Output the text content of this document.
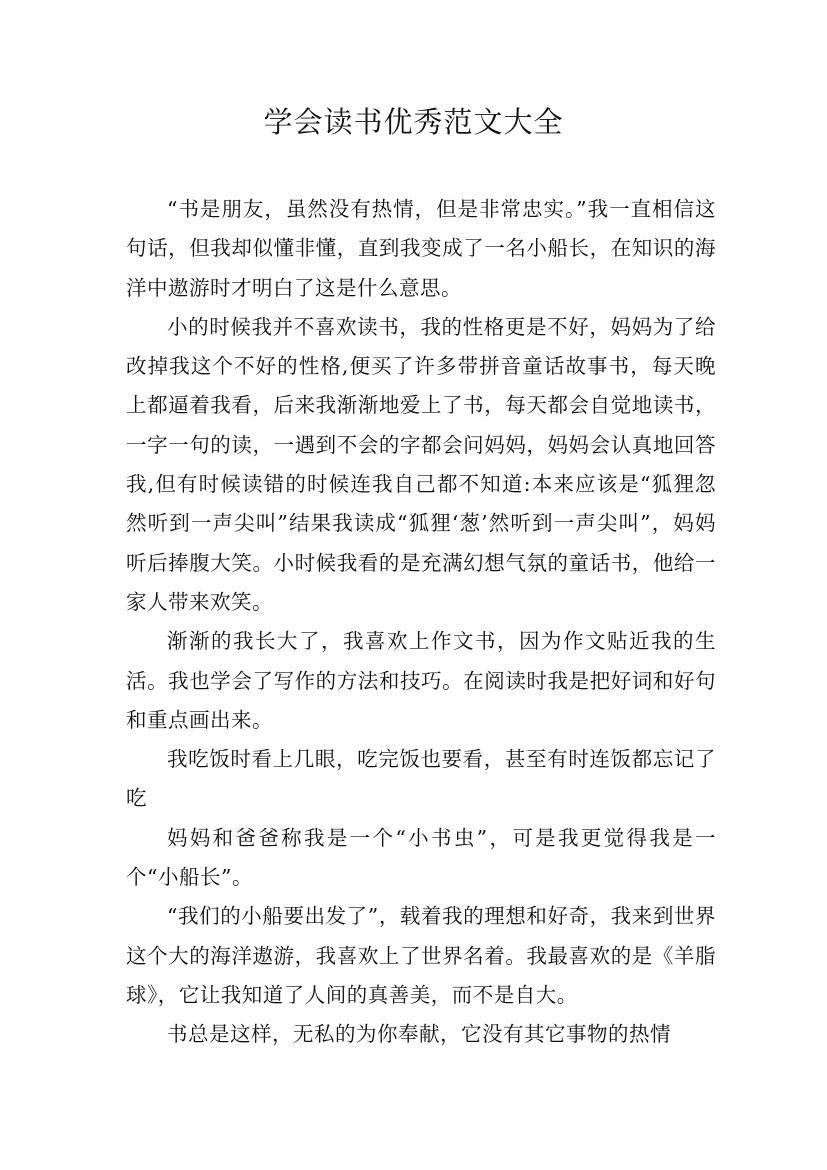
学会读书优秀范文大全

“书是朋友，虽然没有热情，但是非常忠实。”我一直相信这句话，但我却似懂非懂，直到我变成了一名小船长，在知识的海洋中遨游时才明白了这是什么意思。

小的时候我并不喜欢读书，我的性格更是不好，妈妈为了给改掉我这个不好的性格,便买了许多带拼音童话故事书，每天晚上都逼着我看，后来我渐渐地爱上了书，每天都会自觉地读书，一字一句的读，一遇到不会的字都会问妈妈，妈妈会认真地回答我,但有时候读错的时候连我自己都不知道:本来应该是“狐狸忽然听到一声尖叫”结果我读成“狐狸‘葱’然听到一声尖叫”，妈妈听后捧腹大笑。小时候我看的是充满幻想气氛的童话书，他给一家人带来欢笑。

渐渐的我长大了，我喜欢上作文书，因为作文贴近我的生活。我也学会了写作的方法和技巧。在阅读时我是把好词和好句和重点画出来。

我吃饭时看上几眼，吃完饭也要看，甚至有时连饭都忘记了吃

妈妈和爸爸称我是一个“小书虫”，可是我更觉得我是一个“小船长”。

“我们的小船要出发了”，载着我的理想和好奇，我来到世界这个大的海洋遨游，我喜欢上了世界名着。我最喜欢的是《羊脂球》，它让我知道了人间的真善美，而不是自大。

书总是这样，无私的为你奉献，它没有其它事物的热情
